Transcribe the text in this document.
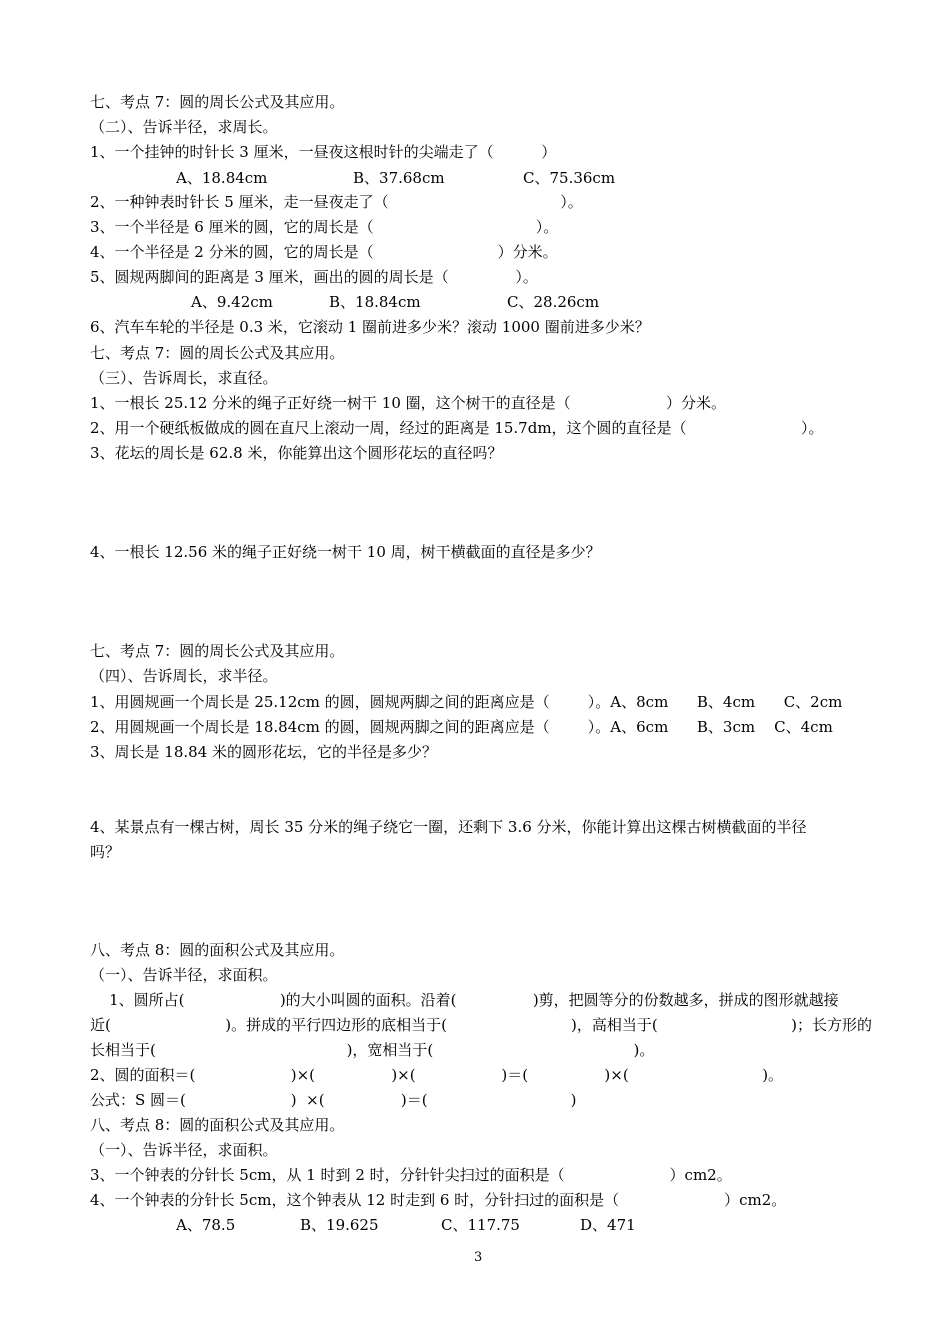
七、考点 7：圆的周长公式及其应用。
（二）、告诉半径，求周长。
1、一个挂钟的时针长 3 厘米，一昼夜这根时针的尖端走了（          ）
A、18.84cm	B、37.68cm	C、75.36cm
2、一种钟表时针长 5 厘米，走一昼夜走了（                                    ）。
3、一个半径是 6 厘米的圆，它的周长是（                                  ）。
4、一个半径是 2 分米的圆，它的周长是（                          ）分米。
5、圆规两脚间的距离是 3 厘米，画出的圆的周长是（              ）。
A、9.42cm	B、18.84cm	C、28.26cm
6、汽车车轮的半径是 0.3 米，它滚动 1 圈前进多少米？滚动 1000 圈前进多少米？
七、考点 7：圆的周长公式及其应用。
（三）、告诉周长，求直径。
1、一根长 25.12 分米的绳子正好绕一树干 10 圈，这个树干的直径是（                    ）分米。
2、用一个硬纸板做成的圆在直尺上滚动一周，经过的距离是 15.7dm，这个圆的直径是（                        ）。
3、花坛的周长是 62.8 米，你能算出这个圆形花坛的直径吗？
4、一根长 12.56 米的绳子正好绕一树干 10 周，树干横截面的直径是多少？
七、考点 7：圆的周长公式及其应用。
（四）、告诉周长，求半径。
1、用圆规画一个周长是 25.12cm 的圆，圆规两脚之间的距离应是（        ）。A、8cm      B、4cm      C、2cm
2、用圆规画一个周长是 18.84cm 的圆，圆规两脚之间的距离应是（        ）。A、6cm      B、3cm    C、4cm
3、周长是 18.84 米的圆形花坛，它的半径是多少？
4、某景点有一棵古树，周长 35 分米的绳子绕它一圈，还剩下 3.6 分米，你能计算出这棵古树横截面的半径
吗？
八、考点 8：圆的面积公式及其应用。
（一）、告诉半径，求面积。
1、圆所占(                    )的大小叫圆的面积。沿着(                )剪，把圆等分的份数越多，拼成的图形就越接
近(                        )。拼成的平行四边形的底相当于(                          )，高相当于(                            )；长方形的
长相当于(                                        )，宽相当于(                                          )。
2、圆的面积＝(                    )×(                )×(                  )＝(                )×(                            )。
公式：S 圆＝(                      )  ×(                )＝(                              )
八、考点 8：圆的面积公式及其应用。
（一）、告诉半径，求面积。
3、一个钟表的分针长 5cm，从 1 时到 2 时，分针针尖扫过的面积是（                      ）cm2。
4、一个钟表的分针长 5cm，这个钟表从 12 时走到 6 时，分针扫过的面积是（                      ）cm2。
A、78.5	B、19.625	C、117.75	D、471
3
